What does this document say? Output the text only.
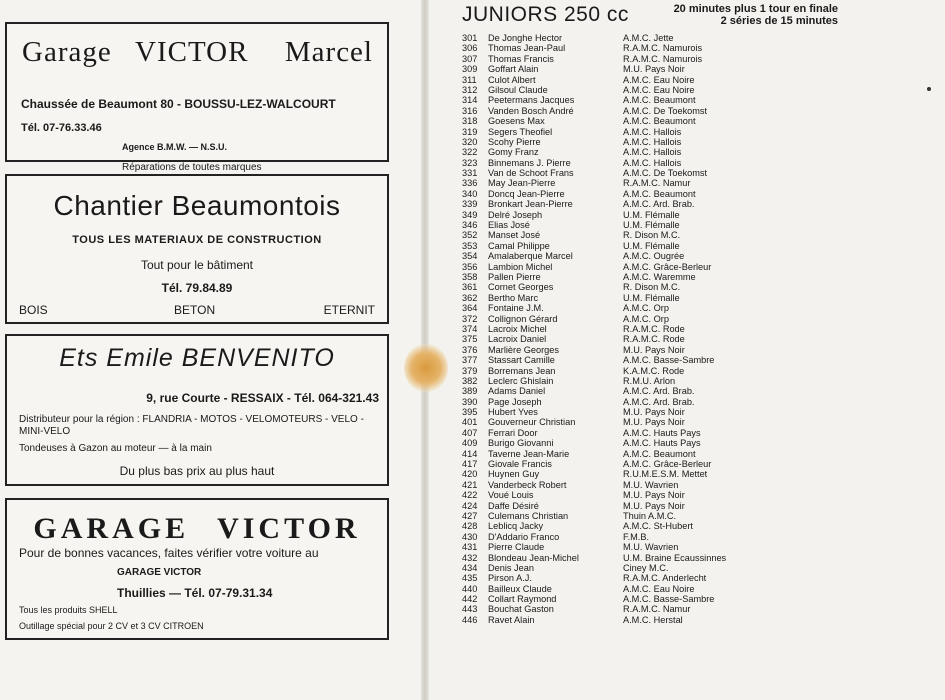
Garage VICTOR Marcel
Chaussée de Beaumont 80 - BOUSSU-LEZ-WALCOURT
Tél. 07-76.33.46
Agence B.M.W. — N.S.U.
Réparations de toutes marques
Chantier Beaumontois
TOUS LES MATERIAUX DE CONSTRUCTION
Tout pour le bâtiment
Tél. 79.84.89
BOIS	BETON	ETERNIT
Ets Emile BENVENITO
9, rue Courte - RESSAIX - Tél. 064-321.43
Distributeur pour la région : FLANDRIA - MOTOS - VELOMOTEURS - VELO - MINI-VELO
Tondeuses à Gazon au moteur — à la main
Du plus bas prix au plus haut
GARAGE VICTOR
Pour de bonnes vacances, faites vérifier votre voiture au
GARAGE VICTOR
Thuillies — Tél. 07-79.31.34
Tous les produits SHELL
Outillage spécial pour 2 CV et 3 CV CITROEN
JUNIORS 250 cc	20 minutes plus 1 tour en finale
2 séries de 15 minutes
301 De Jonghe Hector	A.M.C. Jette
306 Thomas Jean-Paul	R.A.M.C. Namurois
307 Thomas Francis	R.A.M.C. Namurois
309 Goffart Alain	M.U. Pays Noir
311 Culot Albert	A.M.C. Eau Noire
312 Gilsoul Claude	A.M.C. Eau Noire
314 Peetermans Jacques	A.M.C. Beaumont
316 Vanden Bosch André	A.M.C. De Toekomst
318 Goesens Max	A.M.C. Beaumont
319 Segers Theofiel	A.M.C. Hallois
320 Scohy Pierre	A.M.C. Hallois
322 Gomy Franz	A.M.C. Hallois
323 Binnemans J. Pierre	A.M.C. Hallois
331 Van de Schoot Frans	A.M.C. De Toekomst
336 May Jean-Pierre	R.A.M.C. Namur
340 Doncq Jean-Pierre	A.M.C. Beaumont
339 Bronkart Jean-Pierre	A.M.C. Ard. Brab.
349 Delré Joseph	U.M. Flémalle
346 Elias José	U.M. Flémalle
352 Manset José	R. Dison M.C.
353 Camal Philippe	U.M. Flémalle
354 Amalaberque Marcel	A.M.C. Ougrée
356 Lambion Michel	A.M.C. Grâce-Berleur
358 Pallen Pierre	A.M.C. Waremme
361 Cornet Georges	R. Dison M.C.
362 Bertho Marc	U.M. Flémalle
364 Fontaine J.M.	A.M.C. Orp
372 Collignon Gérard	A.M.C. Orp
374 Lacroix Michel	R.A.M.C. Rode
375 Lacroix Daniel	R.A.M.C. Rode
376 Marlière Georges	M.U. Pays Noir
377 Stassart Camille	A.M.C. Basse-Sambre
379 Borremans Jean	K.A.M.C. Rode
382 Leclerc Ghislain	R.M.U. Arlon
389 Adams Daniel	A.M.C. Ard. Brab.
390 Page Joseph	A.M.C. Ard. Brab.
395 Hubert Yves	M.U. Pays Noir
401 Gouverneur Christian	M.U. Pays Noir
407 Ferrari Door	A.M.C. Hauts Pays
409 Burigo Giovanni	A.M.C. Hauts Pays
414 Taverne Jean-Marie	A.M.C. Beaumont
417 Giovale Francis	A.M.C. Grâce-Berleur
420 Huynen Guy	R.U.M.E.S.M. Mettet
421 Vanderbeck Robert	M.U. Wavrien
422 Voué Louis	M.U. Pays Noir
424 Daffe Désiré	M.U. Pays Noir
427 Culemans Christian	Thuin A.M.C.
428 Leblicq Jacky	A.M.C. St-Hubert
430 D'Addario Franco	F.M.B.
431 Pierre Claude	M.U. Wavrien
432 Blondeau Jean-Michel	U.M. Braine Ecaussinnes
434 Denis Jean	Ciney M.C.
435 Pirson A.J.	R.A.M.C. Anderlecht
440 Bailleux Claude	A.M.C. Eau Noire
442 Collart Raymond	A.M.C. Basse-Sambre
443 Bouchat Gaston	R.A.M.C. Namur
446 Ravet Alain	A.M.C. Herstal
